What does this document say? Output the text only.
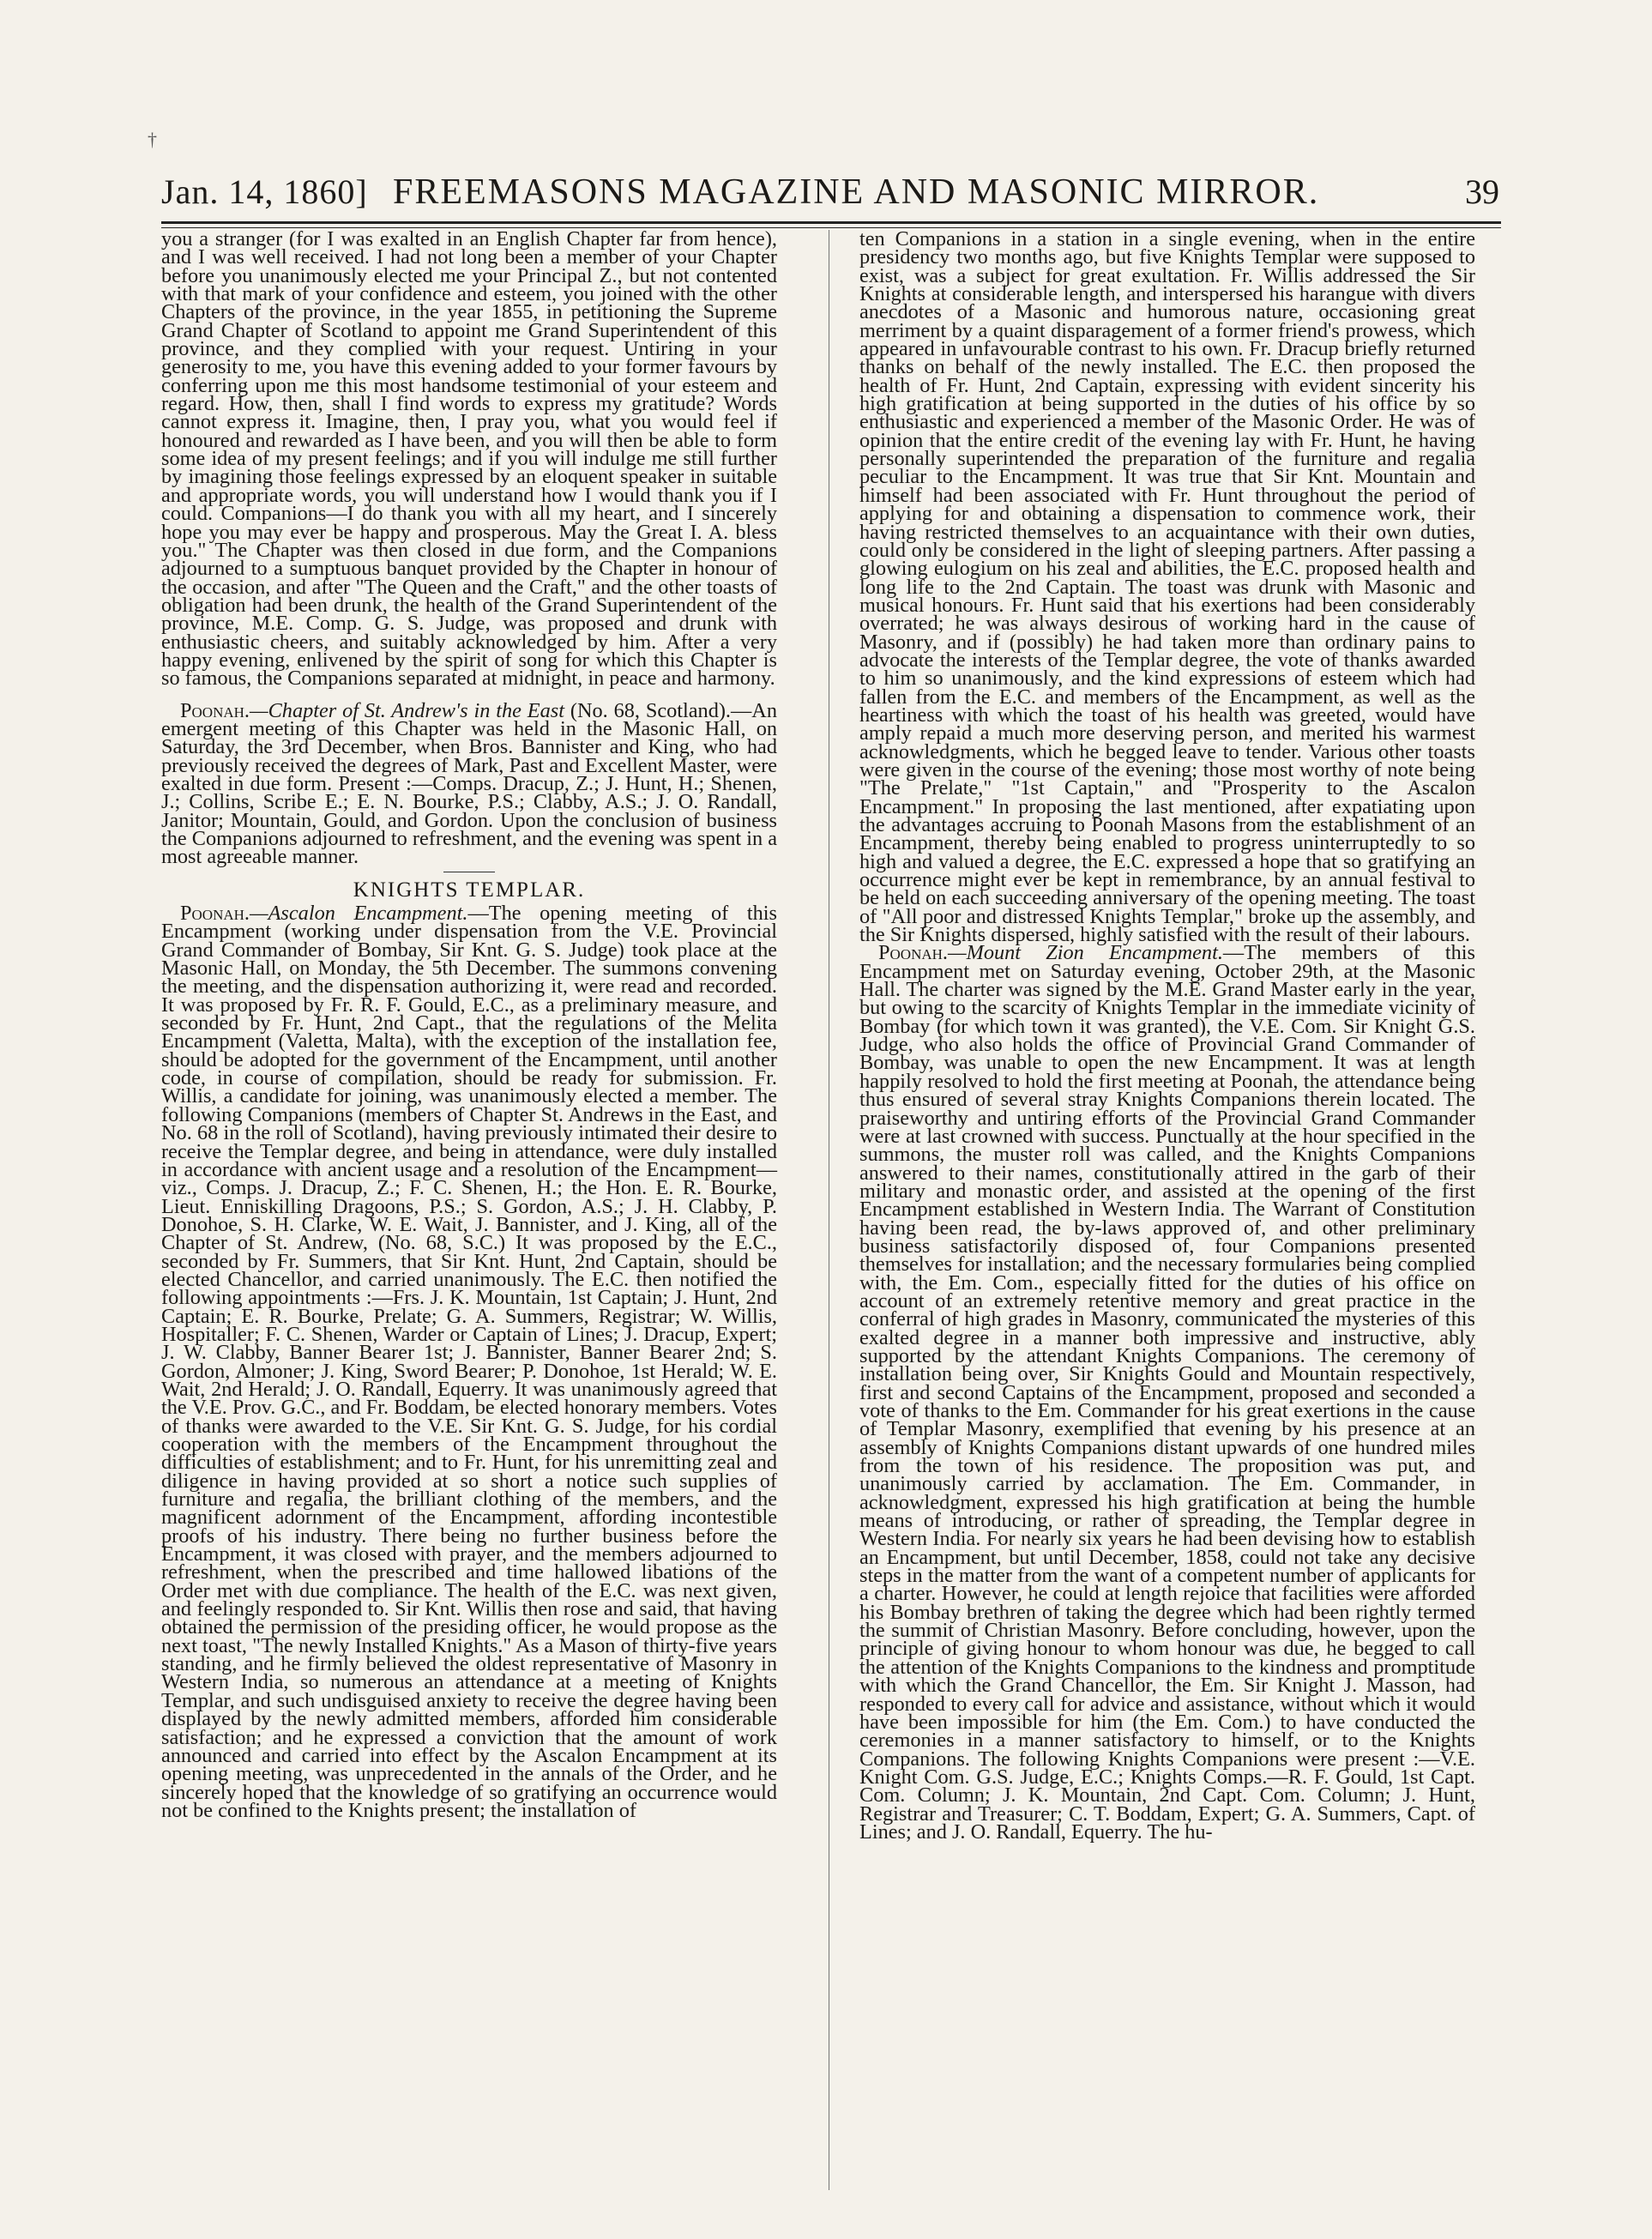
†
Jan. 14, 1860] FREEMASONS MAGAZINE AND MASONIC MIRROR.	39

you a stranger (for I was exalted in an English Chapter far from hence), and I was well received. I had not long been a member of your Chapter before you unanimously elected me your Principal Z., but not contented with that mark of your confidence and esteem, you joined with the other Chapters of the province, in the year 1855, in petitioning the Supreme Grand Chapter of Scotland to appoint me Grand Superintendent of this province, and they complied with your request. Untiring in your generosity to me, you have this evening added to your former favours by conferring upon me this most handsome testimonial of your esteem and regard. How, then, shall I find words to express my gratitude? Words cannot express it. Imagine, then, I pray you, what you would feel if honoured and rewarded as I have been, and you will then be able to form some idea of my present feelings; and if you will indulge me still further by imagining those feelings expressed by an eloquent speaker in suitable and appropriate words, you will understand how I would thank you if I could. Companions—I do thank you with all my heart, and I sincerely hope you may ever be happy and prosperous. May the Great I. A. bless you." The Chapter was then closed in due form, and the Companions adjourned to a sumptuous banquet provided by the Chapter in honour of the occasion, and after "The Queen and the Craft," and the other toasts of obligation had been drunk, the health of the Grand Superintendent of the province, M.E. Comp. G. S. Judge, was proposed and drunk with enthusiastic cheers, and suitably acknowledged by him. After a very happy evening, enlivened by the spirit of song for which this Chapter is so famous, the Companions separated at midnight, in peace and harmony.

Poonah.—Chapter of St. Andrew's in the East (No. 68, Scotland).—An emergent meeting of this Chapter was held in the Masonic Hall, on Saturday, the 3rd December, when Bros. Bannister and King, who had previously received the degrees of Mark, Past and Excellent Master, were exalted in due form. Present :—Comps. Dracup, Z.; J. Hunt, H.; Shenen, J.; Collins, Scribe E.; E. N. Bourke, P.S.; Clabby, A.S.; J. O. Randall, Janitor; Mountain, Gould, and Gordon. Upon the conclusion of business the Companions adjourned to refreshment, and the evening was spent in a most agreeable manner.

KNIGHTS TEMPLAR.

Poonah.—Ascalon Encampment.—The opening meeting of this Encampment (working under dispensation from the V.E. Provincial Grand Commander of Bombay, Sir Knt. G. S. Judge) took place at the Masonic Hall, on Monday, the 5th December. The summons convening the meeting, and the dispensation authorizing it, were read and recorded. It was proposed by Fr. R. F. Gould, E.C., as a preliminary measure, and seconded by Fr. Hunt, 2nd Capt., that the regulations of the Melita Encampment (Valetta, Malta), with the exception of the installation fee, should be adopted for the government of the Encampment, until another code, in course of compilation, should be ready for submission. Fr. Willis, a candidate for joining, was unanimously elected a member. The following Companions (members of Chapter St. Andrews in the East, and No. 68 in the roll of Scotland), having previously intimated their desire to receive the Templar degree, and being in attendance, were duly installed in accordance with ancient usage and a resolution of the Encampment—viz., Comps. J. Dracup, Z.; F. C. Shenen, H.; the Hon. E. R. Bourke, Lieut. Enniskilling Dragoons, P.S.; S. Gordon, A.S.; J. H. Clabby, P. Donohoe, S. H. Clarke, W. E. Wait, J. Bannister, and J. King, all of the Chapter of St. Andrew, (No. 68, S.C.) It was proposed by the E.C., seconded by Fr. Summers, that Sir Knt. Hunt, 2nd Captain, should be elected Chancellor, and carried unanimously. The E.C. then notified the following appointments :—Frs. J. K. Mountain, 1st Captain; J. Hunt, 2nd Captain; E. R. Bourke, Prelate; G. A. Summers, Registrar; W. Willis, Hospitaller; F. C. Shenen, Warder or Captain of Lines; J. Dracup, Expert; J. W. Clabby, Banner Bearer 1st; J. Bannister, Banner Bearer 2nd; S. Gordon, Almoner; J. King, Sword Bearer; P. Donohoe, 1st Herald; W. E. Wait, 2nd Herald; J. O. Randall, Equerry. It was unanimously agreed that the V.E. Prov. G.C., and Fr. Boddam, be elected honorary members. Votes of thanks were awarded to the V.E. Sir Knt. G. S. Judge, for his cordial cooperation with the members of the Encampment throughout the difficulties of establishment; and to Fr. Hunt, for his unremitting zeal and diligence in having provided at so short a notice such supplies of furniture and regalia, the brilliant clothing of the members, and the magnificent adornment of the Encampment, affording incontestible proofs of his industry. There being no further business before the Encampment, it was closed with prayer, and the members adjourned to refreshment, when the prescribed and time hallowed libations of the Order met with due compliance. The health of the E.C. was next given, and feelingly responded to. Sir Knt. Willis then rose and said, that having obtained the permission of the presiding officer, he would propose as the next toast, "The newly Installed Knights." As a Mason of thirty-five years standing, and he firmly believed the oldest representative of Masonry in Western India, so numerous an attendance at a meeting of Knights Templar, and such undisguised anxiety to receive the degree having been displayed by the newly admitted members, afforded him considerable satisfaction; and he expressed a conviction that the amount of work announced and carried into effect by the Ascalon Encampment at its opening meeting, was unprecedented in the annals of the Order, and he sincerely hoped that the knowledge of so gratifying an occurrence would not be confined to the Knights present; the installation of

ten Companions in a station in a single evening, when in the entire presidency two months ago, but five Knights Templar were supposed to exist, was a subject for great exultation. Fr. Willis addressed the Sir Knights at considerable length, and interspersed his harangue with divers anecdotes of a Masonic and humorous nature, occasioning great merriment by a quaint disparagement of a former friend's prowess, which appeared in unfavourable contrast to his own. Fr. Dracup briefly returned thanks on behalf of the newly installed. The E.C. then proposed the health of Fr. Hunt, 2nd Captain, expressing with evident sincerity his high gratification at being supported in the duties of his office by so enthusiastic and experienced a member of the Masonic Order. He was of opinion that the entire credit of the evening lay with Fr. Hunt, he having personally superintended the preparation of the furniture and regalia peculiar to the Encampment. It was true that Sir Knt. Mountain and himself had been associated with Fr. Hunt throughout the period of applying for and obtaining a dispensation to commence work, their having restricted themselves to an acquaintance with their own duties, could only be considered in the light of sleeping partners. After passing a glowing eulogium on his zeal and abilities, the E.C. proposed health and long life to the 2nd Captain. The toast was drunk with Masonic and musical honours. Fr. Hunt said that his exertions had been considerably overrated; he was always desirous of working hard in the cause of Masonry, and if (possibly) he had taken more than ordinary pains to advocate the interests of the Templar degree, the vote of thanks awarded to him so unanimously, and the kind expressions of esteem which had fallen from the E.C. and members of the Encampment, as well as the heartiness with which the toast of his health was greeted, would have amply repaid a much more deserving person, and merited his warmest acknowledgments, which he begged leave to tender. Various other toasts were given in the course of the evening; those most worthy of note being "The Prelate," "1st Captain," and "Prosperity to the Ascalon Encampment." In proposing the last mentioned, after expatiating upon the advantages accruing to Poonah Masons from the establishment of an Encampment, thereby being enabled to progress uninterruptedly to so high and valued a degree, the E.C. expressed a hope that so gratifying an occurrence might ever be kept in remembrance, by an annual festival to be held on each succeeding anniversary of the opening meeting. The toast of "All poor and distressed Knights Templar," broke up the assembly, and the Sir Knights dispersed, highly satisfied with the result of their labours.

Poonah.—Mount Zion Encampment.—The members of this Encampment met on Saturday evening, October 29th, at the Masonic Hall. The charter was signed by the M.E. Grand Master early in the year, but owing to the scarcity of Knights Templar in the immediate vicinity of Bombay (for which town it was granted), the V.E. Com. Sir Knight G.S. Judge, who also holds the office of Provincial Grand Commander of Bombay, was unable to open the new Encampment. It was at length happily resolved to hold the first meeting at Poonah, the attendance being thus ensured of several stray Knights Companions therein located. The praiseworthy and untiring efforts of the Provincial Grand Commander were at last crowned with success. Punctually at the hour specified in the summons, the muster roll was called, and the Knights Companions answered to their names, constitutionally attired in the garb of their military and monastic order, and assisted at the opening of the first Encampment established in Western India. The Warrant of Constitution having been read, the by-laws approved of, and other preliminary business satisfactorily disposed of, four Companions presented themselves for installation; and the necessary formularies being complied with, the Em. Com., especially fitted for the duties of his office on account of an extremely retentive memory and great practice in the conferral of high grades in Masonry, communicated the mysteries of this exalted degree in a manner both impressive and instructive, ably supported by the attendant Knights Companions. The ceremony of installation being over, Sir Knights Gould and Mountain respectively, first and second Captains of the Encampment, proposed and seconded a vote of thanks to the Em. Commander for his great exertions in the cause of Templar Masonry, exemplified that evening by his presence at an assembly of Knights Companions distant upwards of one hundred miles from the town of his residence. The proposition was put, and unanimously carried by acclamation. The Em. Commander, in acknowledgment, expressed his high gratification at being the humble means of introducing, or rather of spreading, the Templar degree in Western India. For nearly six years he had been devising how to establish an Encampment, but until December, 1858, could not take any decisive steps in the matter from the want of a competent number of applicants for a charter. However, he could at length rejoice that facilities were afforded his Bombay brethren of taking the degree which had been rightly termed the summit of Christian Masonry. Before concluding, however, upon the principle of giving honour to whom honour was due, he begged to call the attention of the Knights Companions to the kindness and promptitude with which the Grand Chancellor, the Em. Sir Knight J. Masson, had responded to every call for advice and assistance, without which it would have been impossible for him (the Em. Com.) to have conducted the ceremonies in a manner satisfactory to himself, or to the Knights Companions. The following Knights Companions were present :—V.E. Knight Com. G.S. Judge, E.C.; Knights Comps.—R. F. Gould, 1st Capt. Com. Column; J. K. Mountain, 2nd Capt. Com. Column; J. Hunt, Registrar and Treasurer; C. T. Boddam, Expert; G. A. Summers, Capt. of Lines; and J. O. Randall, Equerry. The hu-
